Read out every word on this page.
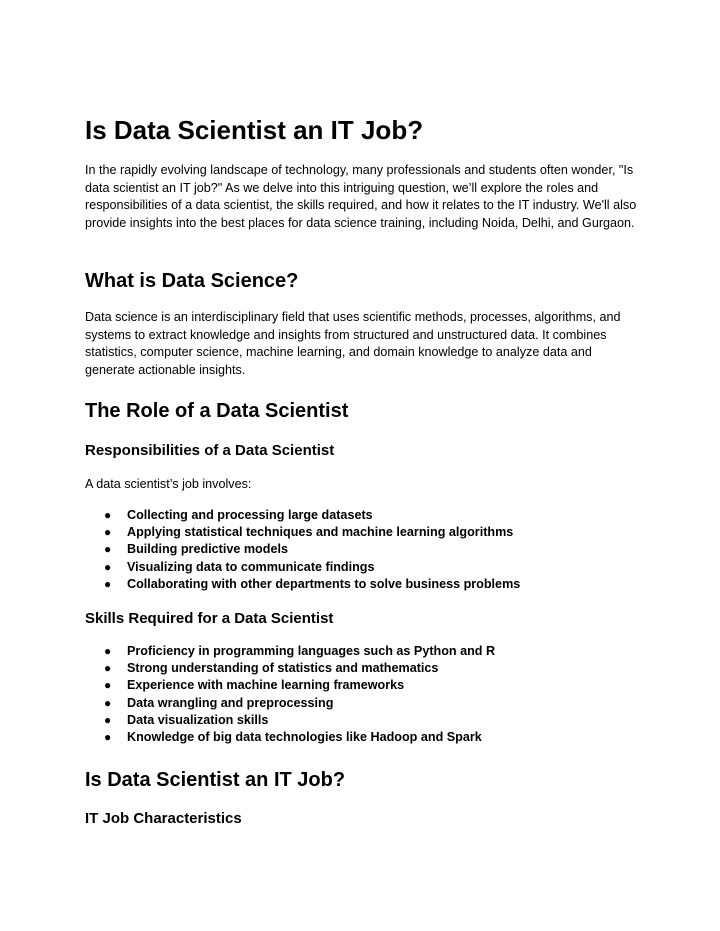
Is Data Scientist an IT Job?

In the rapidly evolving landscape of technology, many professionals and students often wonder, "Is data scientist an IT job?" As we delve into this intriguing question, we’ll explore the roles and responsibilities of a data scientist, the skills required, and how it relates to the IT industry. We'll also provide insights into the best places for data science training, including Noida, Delhi, and Gurgaon.

What is Data Science?

Data science is an interdisciplinary field that uses scientific methods, processes, algorithms, and systems to extract knowledge and insights from structured and unstructured data. It combines statistics, computer science, machine learning, and domain knowledge to analyze data and generate actionable insights.

The Role of a Data Scientist
Responsibilities of a Data Scientist

A data scientist’s job involves:

● Collecting and processing large datasets
● Applying statistical techniques and machine learning algorithms
● Building predictive models
● Visualizing data to communicate findings
● Collaborating with other departments to solve business problems
Skills Required for a Data Scientist
● Proficiency in programming languages such as Python and R
● Strong understanding of statistics and mathematics
● Experience with machine learning frameworks
● Data wrangling and preprocessing
● Data visualization skills
● Knowledge of big data technologies like Hadoop and Spark
Is Data Scientist an IT Job?
IT Job Characteristics
